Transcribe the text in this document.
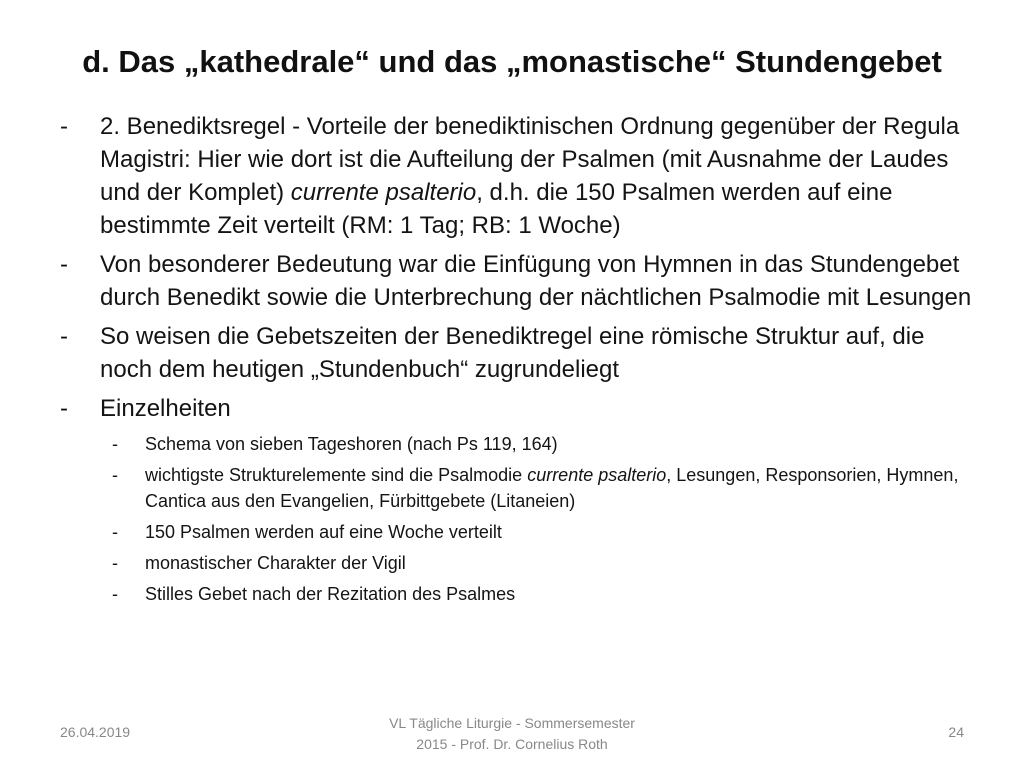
d. Das „kathedrale“ und das „monastische“ Stundengebet
- 2. Benediktsregel - Vorteile der benediktinischen Ordnung gegenüber der Regula Magistri: Hier wie dort ist die Aufteilung der Psalmen (mit Ausnahme der Laudes und der Komplet) currente psalterio, d.h. die 150 Psalmen werden auf eine bestimmte Zeit verteilt (RM: 1 Tag; RB: 1 Woche)
- Von besonderer Bedeutung war die Einfügung von Hymnen in das Stundengebet durch Benedikt sowie die Unterbrechung der nächtlichen Psalmodie mit Lesungen
- So weisen die Gebetszeiten der Benediktregel eine römische Struktur auf, die noch dem heutigen „Stundenbuch“ zugrundeliegt
- Einzelheiten
- Schema von sieben Tageshoren (nach Ps 119, 164)
- wichtigste Strukturelemente sind die Psalmodie currente psalterio, Lesungen, Responsorien, Hymnen, Cantica aus den Evangelien, Fürbittgebete (Litaneien)
- 150 Psalmen werden auf eine Woche verteilt
- monastischer Charakter der Vigil
- Stilles Gebet nach der Rezitation des Psalmes
26.04.2019
VL Tägliche Liturgie - Sommersemester
2015 - Prof. Dr. Cornelius Roth
24
